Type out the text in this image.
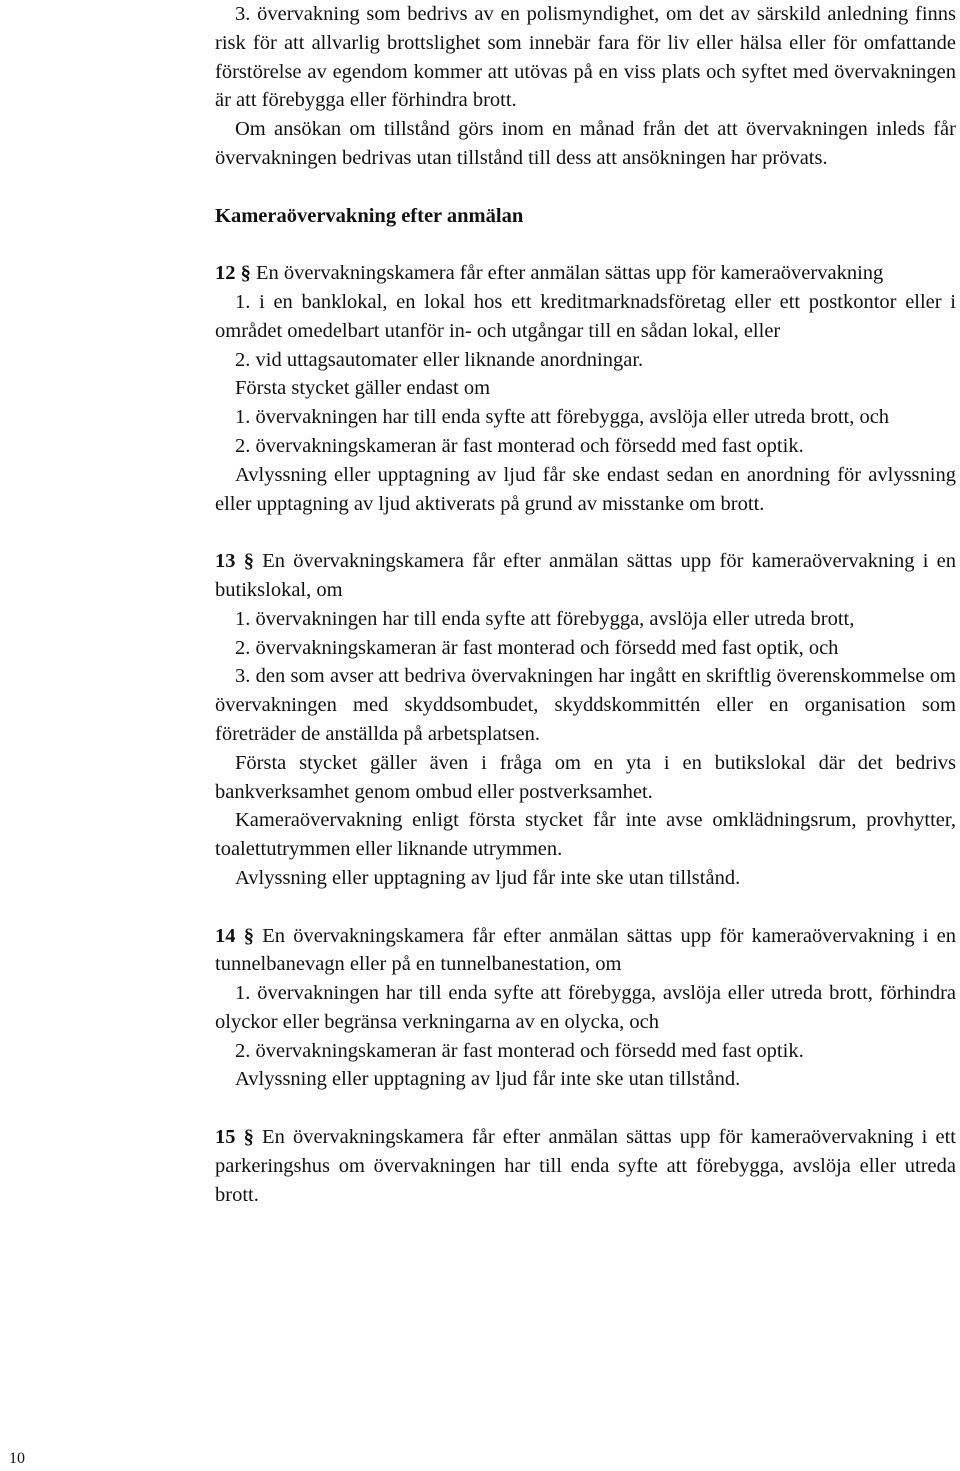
3. övervakning som bedrivs av en polismyndighet, om det av särskild anledning finns risk för att allvarlig brottslighet som innebär fara för liv eller hälsa eller för omfattande förstörelse av egendom kommer att utövas på en viss plats och syftet med övervakningen är att förebygga eller förhindra brott.

Om ansökan om tillstånd görs inom en månad från det att övervakningen inleds får övervakningen bedrivas utan tillstånd till dess att ansökningen har prövats.

Kameraövervakning efter anmälan

12 § En övervakningskamera får efter anmälan sättas upp för kameraövervakning

1. i en banklokal, en lokal hos ett kreditmarknadsföretag eller ett postkontor eller i området omedelbart utanför in- och utgångar till en sådan lokal, eller

2. vid uttagsautomater eller liknande anordningar.

Första stycket gäller endast om

1. övervakningen har till enda syfte att förebygga, avslöja eller utreda brott, och

2. övervakningskameran är fast monterad och försedd med fast optik.

Avlyssning eller upptagning av ljud får ske endast sedan en anordning för avlyssning eller upptagning av ljud aktiverats på grund av misstanke om brott.

13 § En övervakningskamera får efter anmälan sättas upp för kameraövervakning i en butikslokal, om

1. övervakningen har till enda syfte att förebygga, avslöja eller utreda brott,

2. övervakningskameran är fast monterad och försedd med fast optik, och

3. den som avser att bedriva övervakningen har ingått en skriftlig överenskommelse om övervakningen med skyddsombudet, skyddskommittén eller en organisation som företräder de anställda på arbetsplatsen.

Första stycket gäller även i fråga om en yta i en butikslokal där det bedrivs bankverksamhet genom ombud eller postverksamhet.

Kameraövervakning enligt första stycket får inte avse omklädningsrum, provhytter, toalettutrymmen eller liknande utrymmen.

Avlyssning eller upptagning av ljud får inte ske utan tillstånd.

14 § En övervakningskamera får efter anmälan sättas upp för kameraövervakning i en tunnelbanevagn eller på en tunnelbanestation, om

1. övervakningen har till enda syfte att förebygga, avslöja eller utreda brott, förhindra olyckor eller begränsa verkningarna av en olycka, och

2. övervakningskameran är fast monterad och försedd med fast optik.

Avlyssning eller upptagning av ljud får inte ske utan tillstånd.

15 § En övervakningskamera får efter anmälan sättas upp för kameraövervakning i ett parkeringshus om övervakningen har till enda syfte att förebygga, avslöja eller utreda brott.

10
